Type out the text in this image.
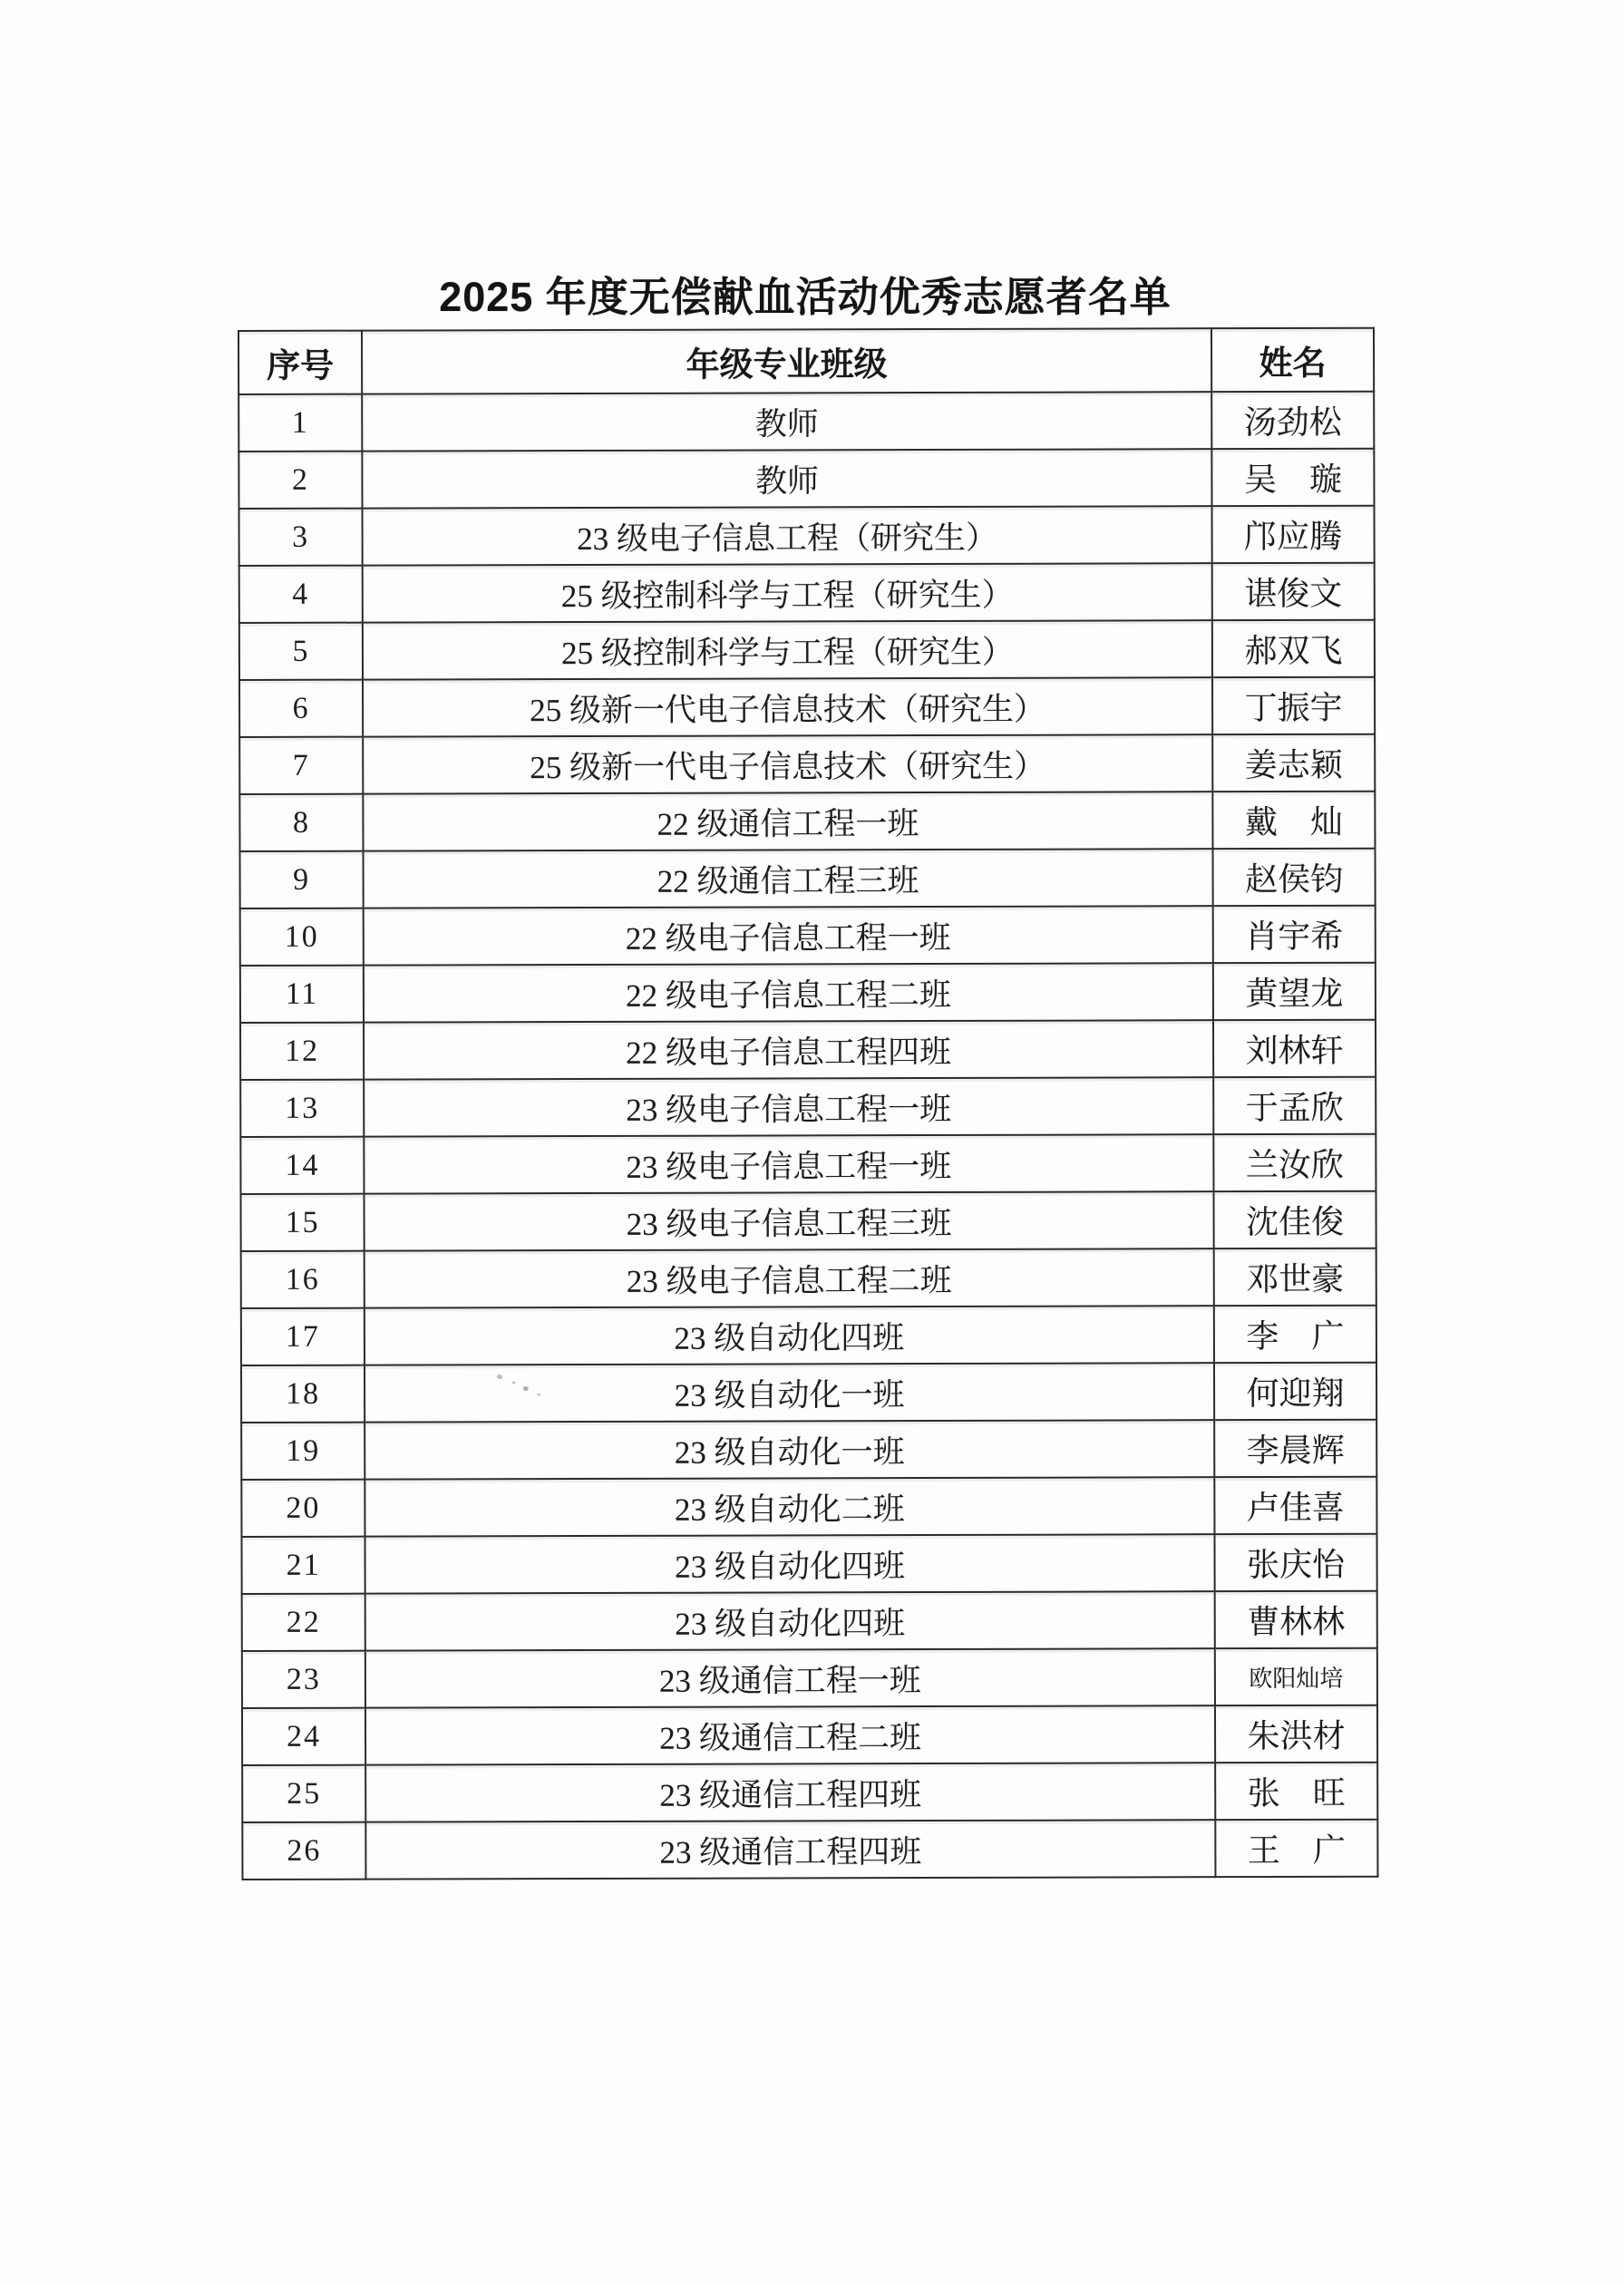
2025 年度无偿献血活动优秀志愿者名单
序号	年级专业班级	姓名
1	教师	汤劲松
2	教师	吴　璇
3	23 级电子信息工程（研究生）	邝应腾
4	25 级控制科学与工程（研究生）	谌俊文
5	25 级控制科学与工程（研究生）	郝双飞
6	25 级新一代电子信息技术（研究生）	丁振宇
7	25 级新一代电子信息技术（研究生）	姜志颖
8	22 级通信工程一班	戴　灿
9	22 级通信工程三班	赵侯钧
10	22 级电子信息工程一班	肖宇希
11	22 级电子信息工程二班	黄望龙
12	22 级电子信息工程四班	刘林轩
13	23 级电子信息工程一班	于孟欣
14	23 级电子信息工程一班	兰汝欣
15	23 级电子信息工程三班	沈佳俊
16	23 级电子信息工程二班	邓世豪
17	23 级自动化四班	李　广
18	23 级自动化一班	何迎翔
19	23 级自动化一班	李晨辉
20	23 级自动化二班	卢佳喜
21	23 级自动化四班	张庆怡
22	23 级自动化四班	曹林林
23	23 级通信工程一班	欧阳灿培
24	23 级通信工程二班	朱洪材
25	23 级通信工程四班	张　旺
26	23 级通信工程四班	王　广
